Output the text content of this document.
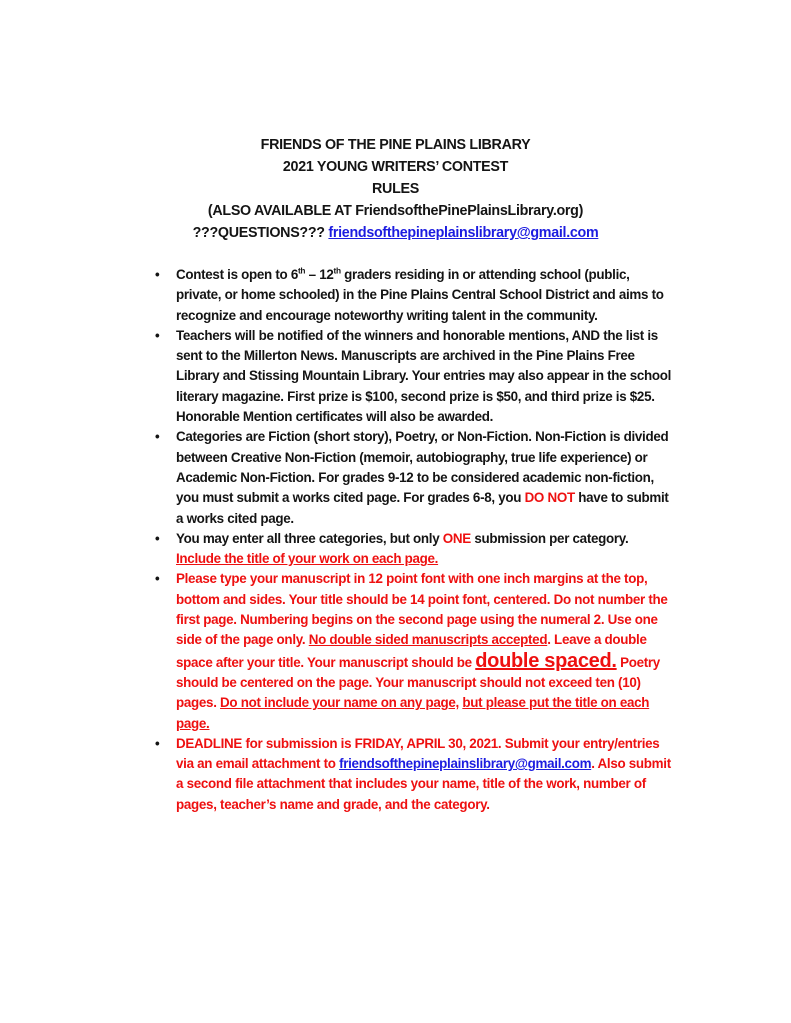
FRIENDS OF THE PINE PLAINS LIBRARY
2021 YOUNG WRITERS’ CONTEST
RULES
(ALSO AVAILABLE AT FriendsofthePinePlainsLibrary.org)
???QUESTIONS??? friendsofthepineplainslibrary@gmail.com
• Contest is open to 6th – 12th graders residing in or attending school (public, private, or home schooled) in the Pine Plains Central School District and aims to recognize and encourage noteworthy writing talent in the community.
• Teachers will be notified of the winners and honorable mentions, AND the list is sent to the Millerton News. Manuscripts are archived in the Pine Plains Free Library and Stissing Mountain Library. Your entries may also appear in the school literary magazine. First prize is $100, second prize is $50, and third prize is $25. Honorable Mention certificates will also be awarded.
• Categories are Fiction (short story), Poetry, or Non-Fiction. Non-Fiction is divided between Creative Non-Fiction (memoir, autobiography, true life experience) or Academic Non-Fiction. For grades 9-12 to be considered academic non-fiction, you must submit a works cited page. For grades 6-8, you DO NOT have to submit a works cited page.
• You may enter all three categories, but only ONE submission per category. Include the title of your work on each page.
• Please type your manuscript in 12 point font with one inch margins at the top, bottom and sides. Your title should be 14 point font, centered. Do not number the first page. Numbering begins on the second page using the numeral 2. Use one side of the page only. No double sided manuscripts accepted. Leave a double space after your title. Your manuscript should be double spaced. Poetry should be centered on the page. Your manuscript should not exceed ten (10) pages. Do not include your name on any page, but please put the title on each page.
• DEADLINE for submission is FRIDAY, APRIL 30, 2021. Submit your entry/entries via an email attachment to friendsofthepineplainslibrary@gmail.com. Also submit a second file attachment that includes your name, title of the work, number of pages, teacher’s name and grade, and the category.
